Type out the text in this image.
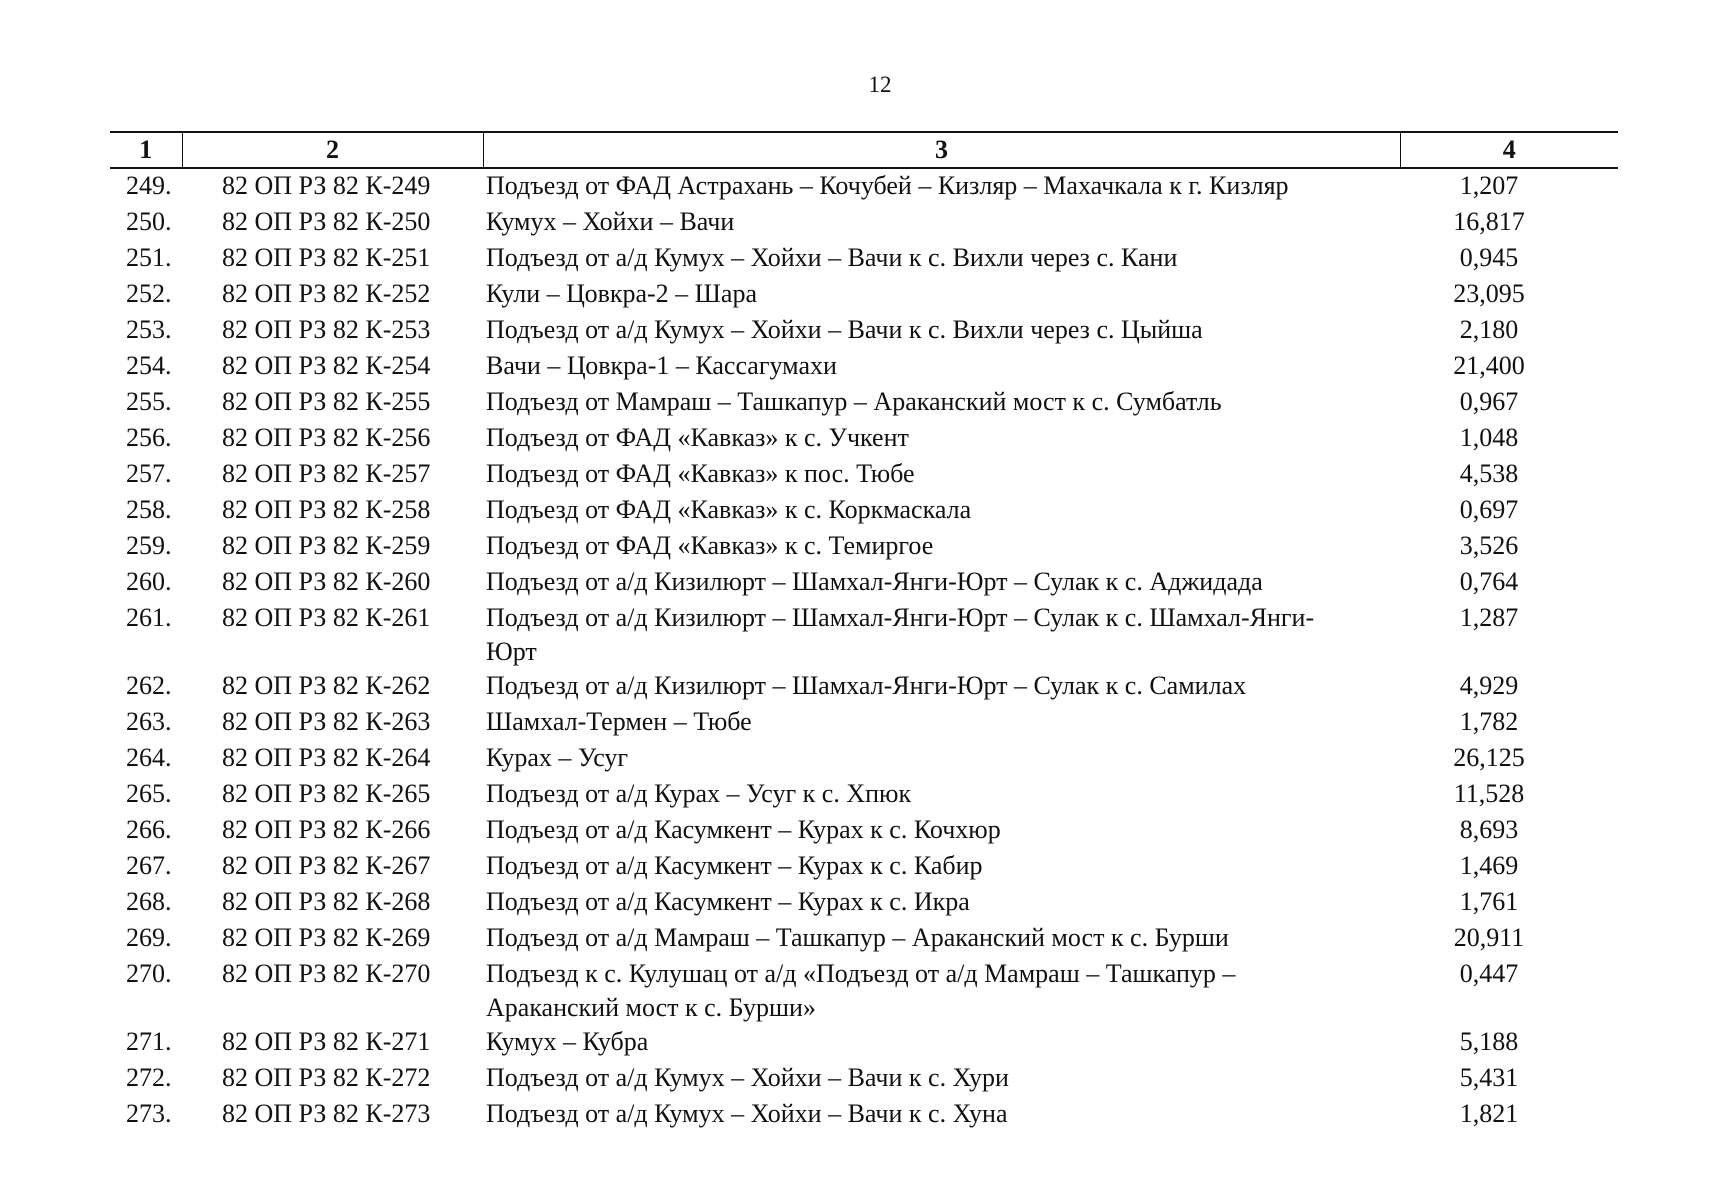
12
1	2	3	4
249.	82 ОП РЗ 82 К-249	Подъезд от ФАД Астрахань – Кочубей – Кизляр – Махачкала к г. Кизляр	1,207
250.	82 ОП РЗ 82 К-250	Кумух – Хойхи – Вачи	16,817
251.	82 ОП РЗ 82 К-251	Подъезд от а/д Кумух – Хойхи – Вачи к с. Вихли через с. Кани	0,945
252.	82 ОП РЗ 82 К-252	Кули – Цовкра-2 – Шара	23,095
253.	82 ОП РЗ 82 К-253	Подъезд от а/д Кумух – Хойхи – Вачи к с. Вихли через с. Цыйша	2,180
254.	82 ОП РЗ 82 К-254	Вачи – Цовкра-1 – Кассагумахи	21,400
255.	82 ОП РЗ 82 К-255	Подъезд от Мамраш – Ташкапур – Араканский мост к с. Сумбатль	0,967
256.	82 ОП РЗ 82 К-256	Подъезд от ФАД «Кавказ» к с. Учкент	1,048
257.	82 ОП РЗ 82 К-257	Подъезд от ФАД «Кавказ» к пос. Тюбе	4,538
258.	82 ОП РЗ 82 К-258	Подъезд от ФАД «Кавказ» к с. Коркмаскала	0,697
259.	82 ОП РЗ 82 К-259	Подъезд от ФАД «Кавказ» к с. Темиргое	3,526
260.	82 ОП РЗ 82 К-260	Подъезд от а/д Кизилюрт – Шамхал-Янги-Юрт – Сулак к с. Аджидада	0,764
261.	82 ОП РЗ 82 К-261	Подъезд от а/д Кизилюрт – Шамхал-Янги-Юрт – Сулак к с. Шамхал-Янги-Юрт	1,287
262.	82 ОП РЗ 82 К-262	Подъезд от а/д Кизилюрт – Шамхал-Янги-Юрт – Сулак к с. Самилах	4,929
263.	82 ОП РЗ 82 К-263	Шамхал-Термен – Тюбе	1,782
264.	82 ОП РЗ 82 К-264	Курах – Усуг	26,125
265.	82 ОП РЗ 82 К-265	Подъезд от а/д Курах – Усуг к с. Хпюк	11,528
266.	82 ОП РЗ 82 К-266	Подъезд от а/д Касумкент – Курах к с. Кочхюр	8,693
267.	82 ОП РЗ 82 К-267	Подъезд от а/д Касумкент – Курах к с. Кабир	1,469
268.	82 ОП РЗ 82 К-268	Подъезд от а/д Касумкент – Курах к с. Икра	1,761
269.	82 ОП РЗ 82 К-269	Подъезд от а/д Мамраш – Ташкапур – Араканский мост к с. Бурши	20,911
270.	82 ОП РЗ 82 К-270	Подъезд к с. Кулушац от а/д «Подъезд от а/д Мамраш – Ташкапур – Араканский мост к с. Бурши»	0,447
271.	82 ОП РЗ 82 К-271	Кумух – Кубра	5,188
272.	82 ОП РЗ 82 К-272	Подъезд от а/д Кумух – Хойхи – Вачи к с. Хури	5,431
273.	82 ОП РЗ 82 К-273	Подъезд от а/д Кумух – Хойхи – Вачи к с. Хуна	1,821
